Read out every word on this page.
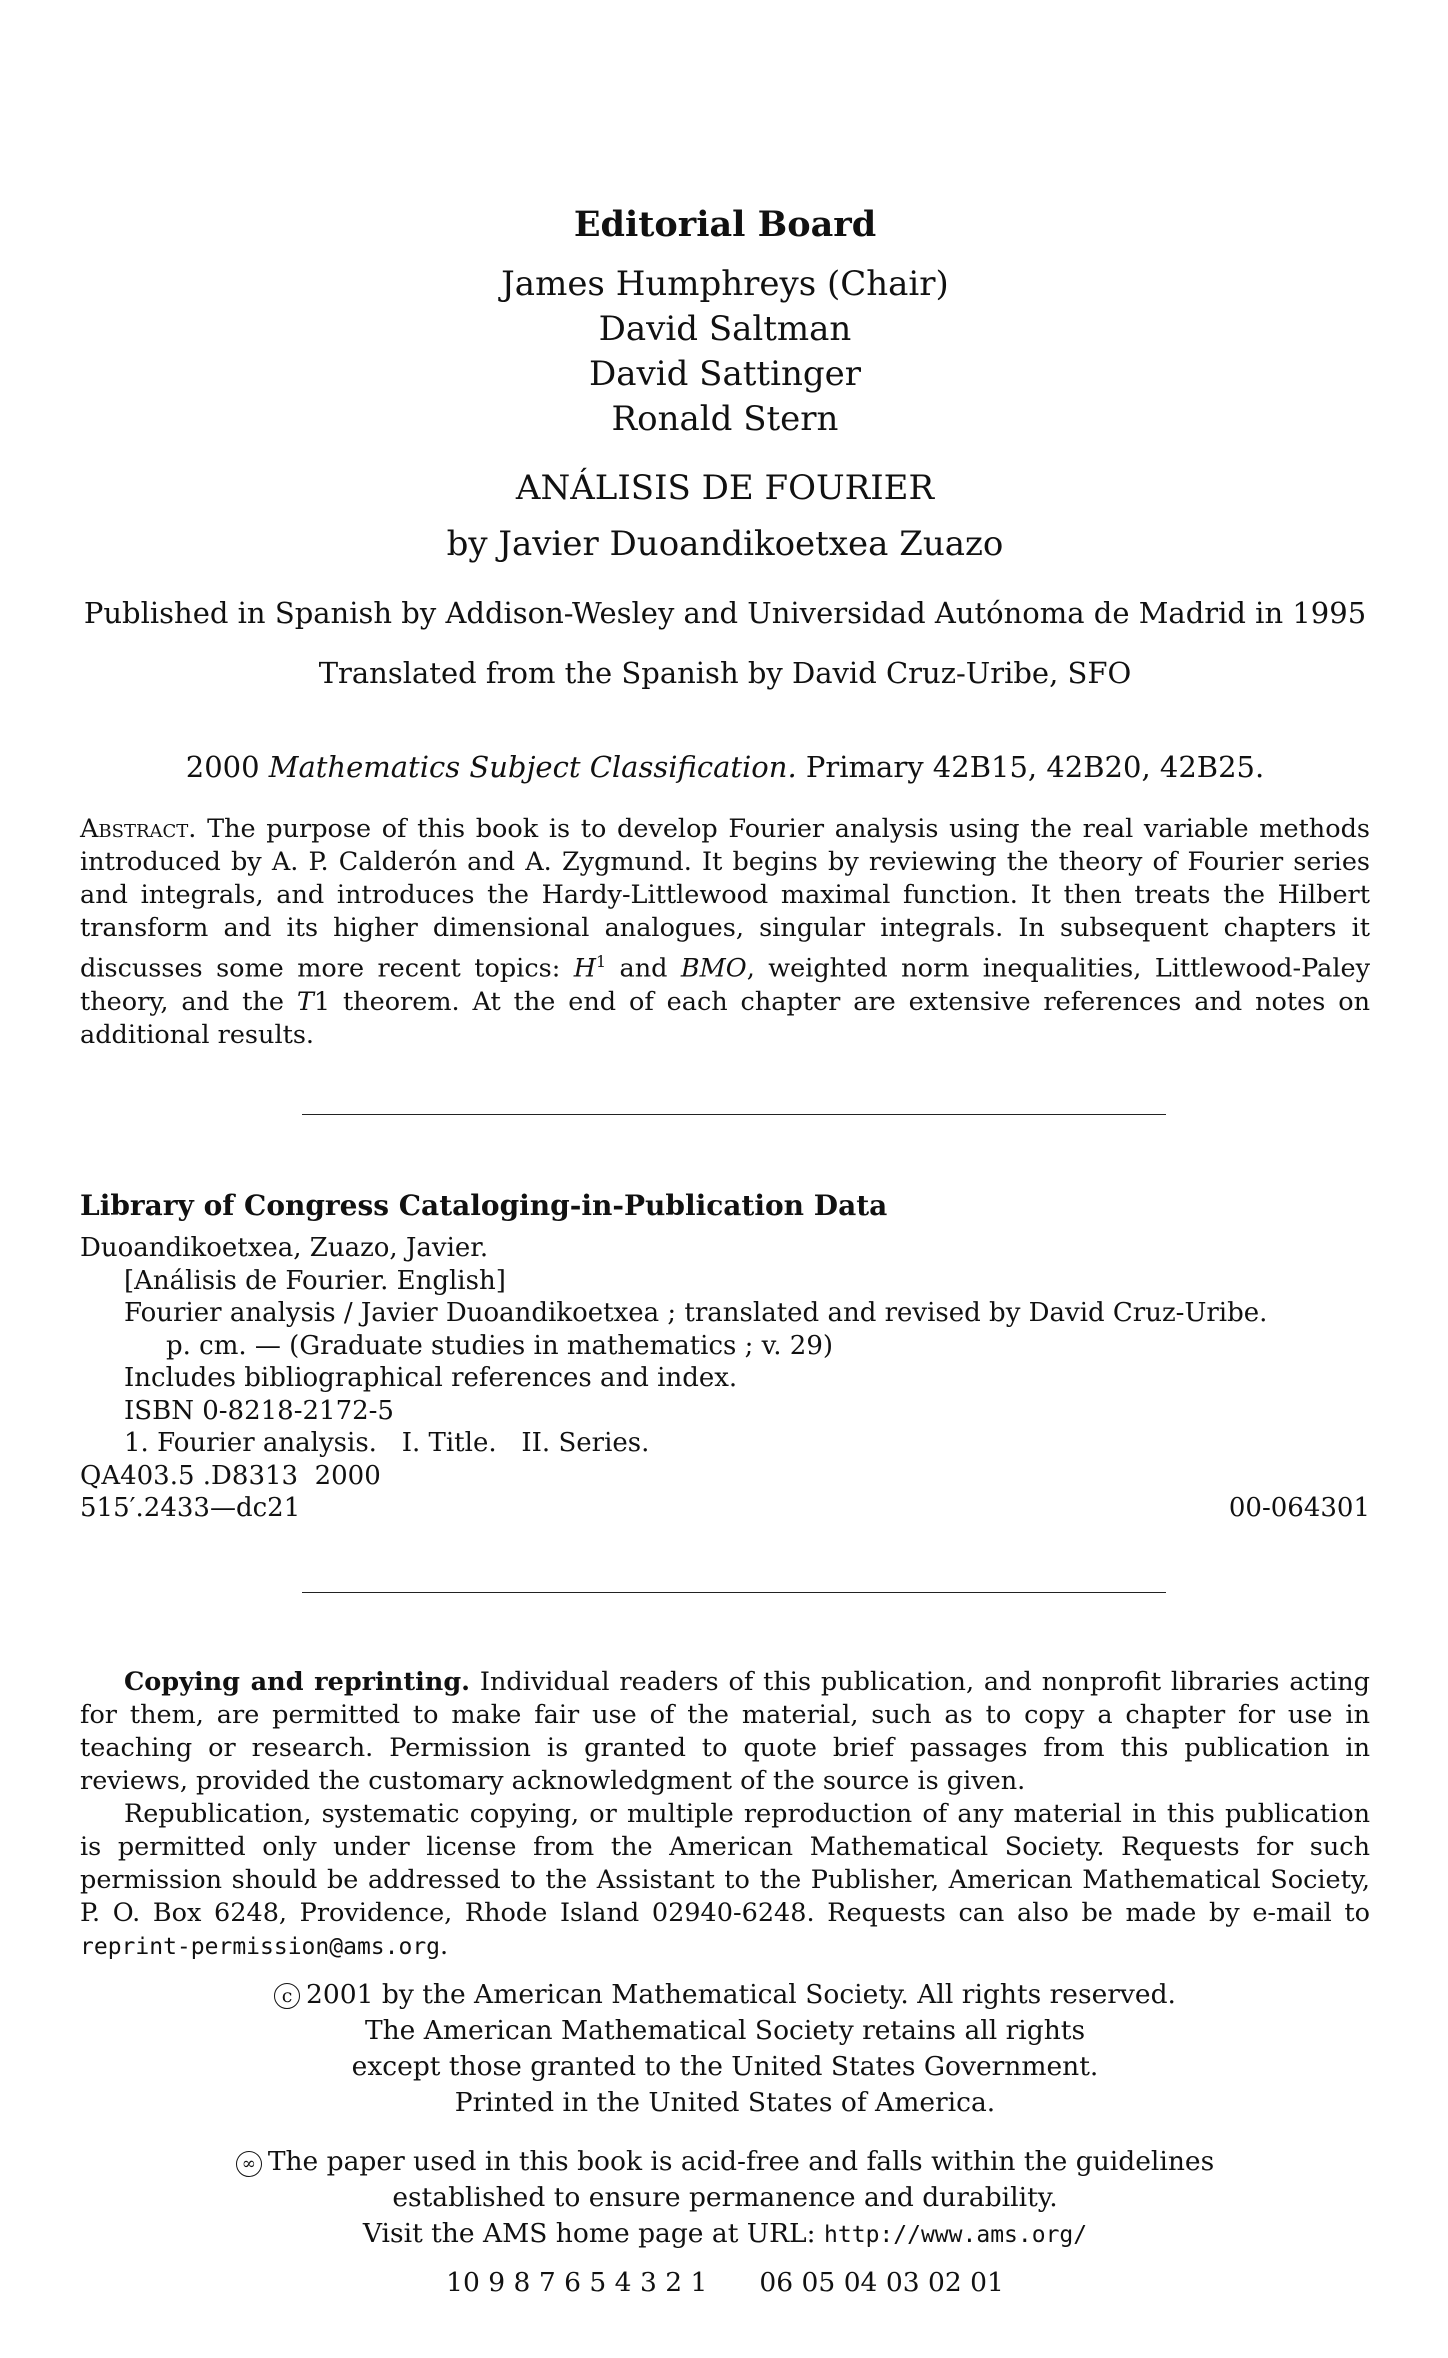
Editorial Board
James Humphreys (Chair)
David Saltman
David Sattinger
Ronald Stern
ANÁLISIS DE FOURIER
by Javier Duoandikoetxea Zuazo
Published in Spanish by Addison-Wesley and Universidad Autónoma de Madrid in 1995
Translated from the Spanish by David Cruz-Uribe, SFO
2000 Mathematics Subject Classification. Primary 42B15, 42B20, 42B25.
Abstract. The purpose of this book is to develop Fourier analysis using the real variable methods introduced by A. P. Calderón and A. Zygmund. It begins by reviewing the theory of Fourier series and integrals, and introduces the Hardy-Littlewood maximal function. It then treats the Hilbert transform and its higher dimensional analogues, singular integrals. In subsequent chapters it discusses some more recent topics: $H^1$ and BMO, weighted norm inequalities, Littlewood-Paley theory, and the T1 theorem. At the end of each chapter are extensive references and notes on additional results.
Library of Congress Cataloging-in-Publication Data
Duoandikoetxea, Zuazo, Javier.
[Análisis de Fourier. English]
Fourier analysis / Javier Duoandikoetxea ; translated and revised by David Cruz-Uribe.
p. cm. — (Graduate studies in mathematics ; v. 29)
Includes bibliographical references and index.
ISBN 0-8218-2172-5
1. Fourier analysis.   I. Title.   II. Series.
QA403.5 .D8313  2000
515′.2433—dc21	00-064301

Copying and reprinting. Individual readers of this publication, and nonprofit libraries acting for them, are permitted to make fair use of the material, such as to copy a chapter for use in teaching or research. Permission is granted to quote brief passages from this publication in reviews, provided the customary acknowledgment of the source is given.

Republication, systematic copying, or multiple reproduction of any material in this publication is permitted only under license from the American Mathematical Society. Requests for such permission should be addressed to the Assistant to the Publisher, American Mathematical Society, P. O. Box 6248, Providence, Rhode Island 02940-6248. Requests can also be made by e-mail to reprint-permission@ams.org.

c 2001 by the American Mathematical Society. All rights reserved.
The American Mathematical Society retains all rights
except those granted to the United States Government.
Printed in the United States of America.
∞ The paper used in this book is acid-free and falls within the guidelines
established to ensure permanence and durability.
Visit the AMS home page at URL: http://www.ams.org/
10 9 8 7 6 5 4 3 2 1 06 05 04 03 02 01
